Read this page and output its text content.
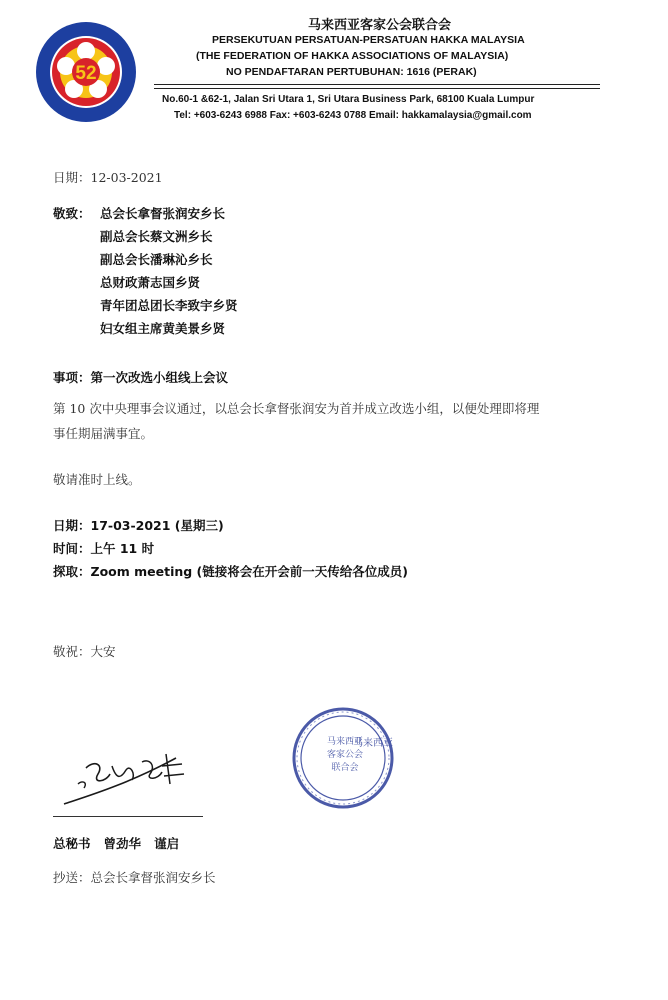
52
马来西亚客家公会联合会
PERSEKUTUAN PERSATUAN-PERSATUAN HAKKA MALAYSIA
(THE FEDERATION OF HAKKA ASSOCIATIONS OF MALAYSIA)
NO PENDAFTARAN PERTUBUHAN: 1616 (PERAK)
No.60-1 &62-1, Jalan Sri Utara 1, Sri Utara Business Park, 68100 Kuala Lumpur
Tel: +603-6243 6988 Fax: +603-6243 0788 Email: hakkamalaysia@gmail.com
日期：12-03-2021
敬致： 总会长拿督张润安乡长
副总会长蔡文洲乡长
副总会长潘琳沁乡长
总财政萧志国乡贤
青年团总团长李致宇乡贤
妇女组主席黄美景乡贤
事项：第一次改选小组线上会议
第 10 次中央理事会议通过，以总会长拿督张润安为首并成立改选小组，以便处理即将理
事任期届满事宜。
敬请准时上线。
日期：17-03-2021 (星期三)
时间：上午 11 时
探取：Zoom meeting (链接将会在开会前一天传给各位成员)
敬祝：大安
马来西亚
马来西亚客家公会联合会
总秘书   曾劲华   谨启
抄送：总会长拿督张润安乡长
